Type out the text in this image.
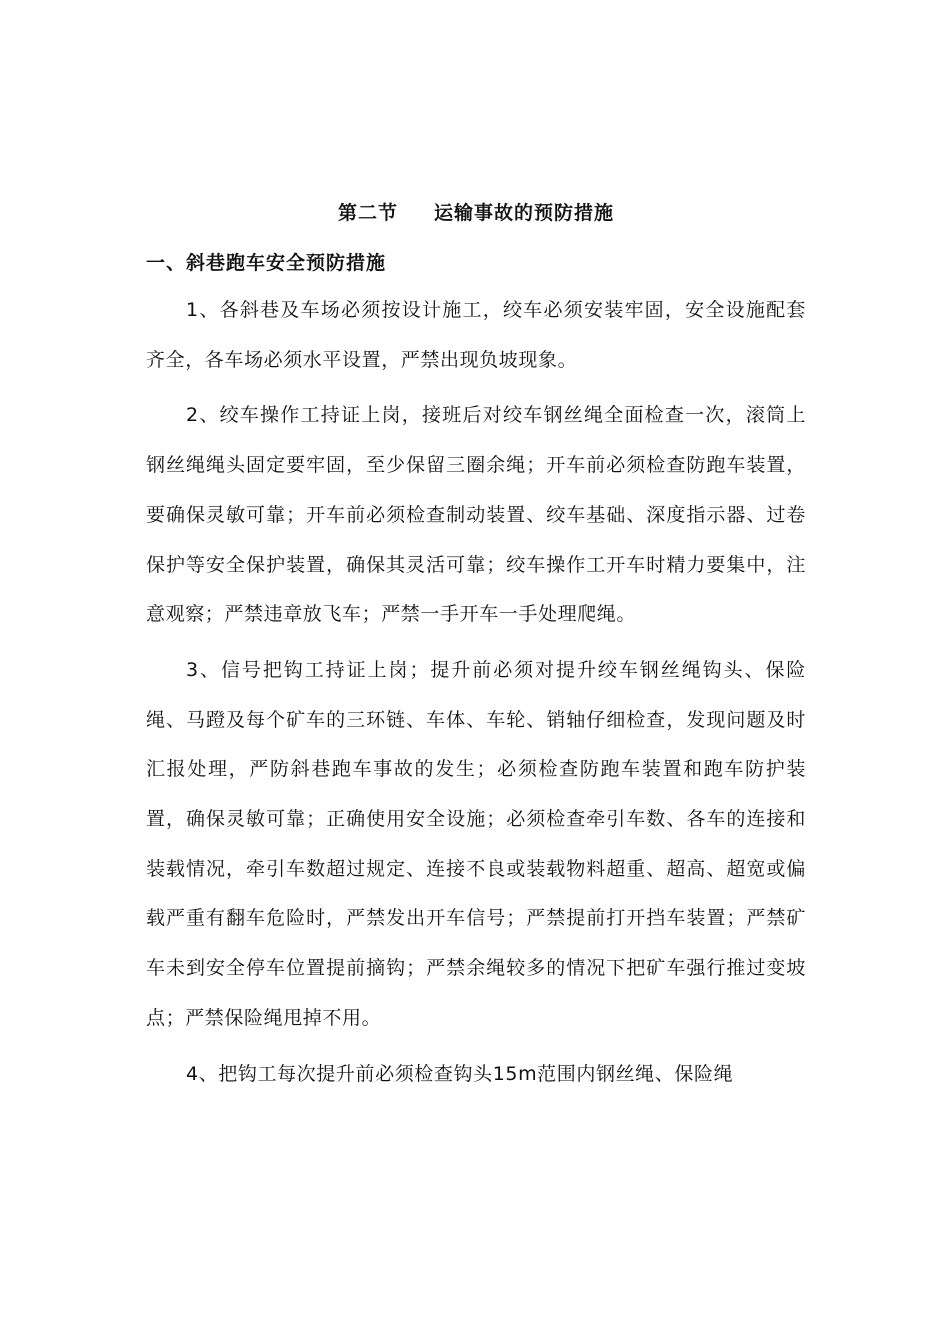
第二节 运输事故的预防措施
一、斜巷跑车安全预防措施

1、各斜巷及车场必须按设计施工，绞车必须安装牢固，安全设施配套齐全，各车场必须水平设置，严禁出现负坡现象。

2、绞车操作工持证上岗，接班后对绞车钢丝绳全面检查一次，滚筒上钢丝绳绳头固定要牢固，至少保留三圈余绳；开车前必须检查防跑车装置，要确保灵敏可靠；开车前必须检查制动装置、绞车基础、深度指示器、过卷保护等安全保护装置，确保其灵活可靠；绞车操作工开车时精力要集中，注意观察；严禁违章放飞车；严禁一手开车一手处理爬绳。

3、信号把钩工持证上岗；提升前必须对提升绞车钢丝绳钩头、保险绳、马蹬及每个矿车的三环链、车体、车轮、销轴仔细检查，发现问题及时汇报处理，严防斜巷跑车事故的发生；必须检查防跑车装置和跑车防护装置，确保灵敏可靠；正确使用安全设施；必须检查牵引车数、各车的连接和装载情况，牵引车数超过规定、连接不良或装载物料超重、超高、超宽或偏载严重有翻车危险时，严禁发出开车信号；严禁提前打开挡车装置；严禁矿车未到安全停车位置提前摘钩；严禁余绳较多的情况下把矿车强行推过变坡点；严禁保险绳甩掉不用。

4、把钩工每次提升前必须检查钩头15m范围内钢丝绳、保险绳
